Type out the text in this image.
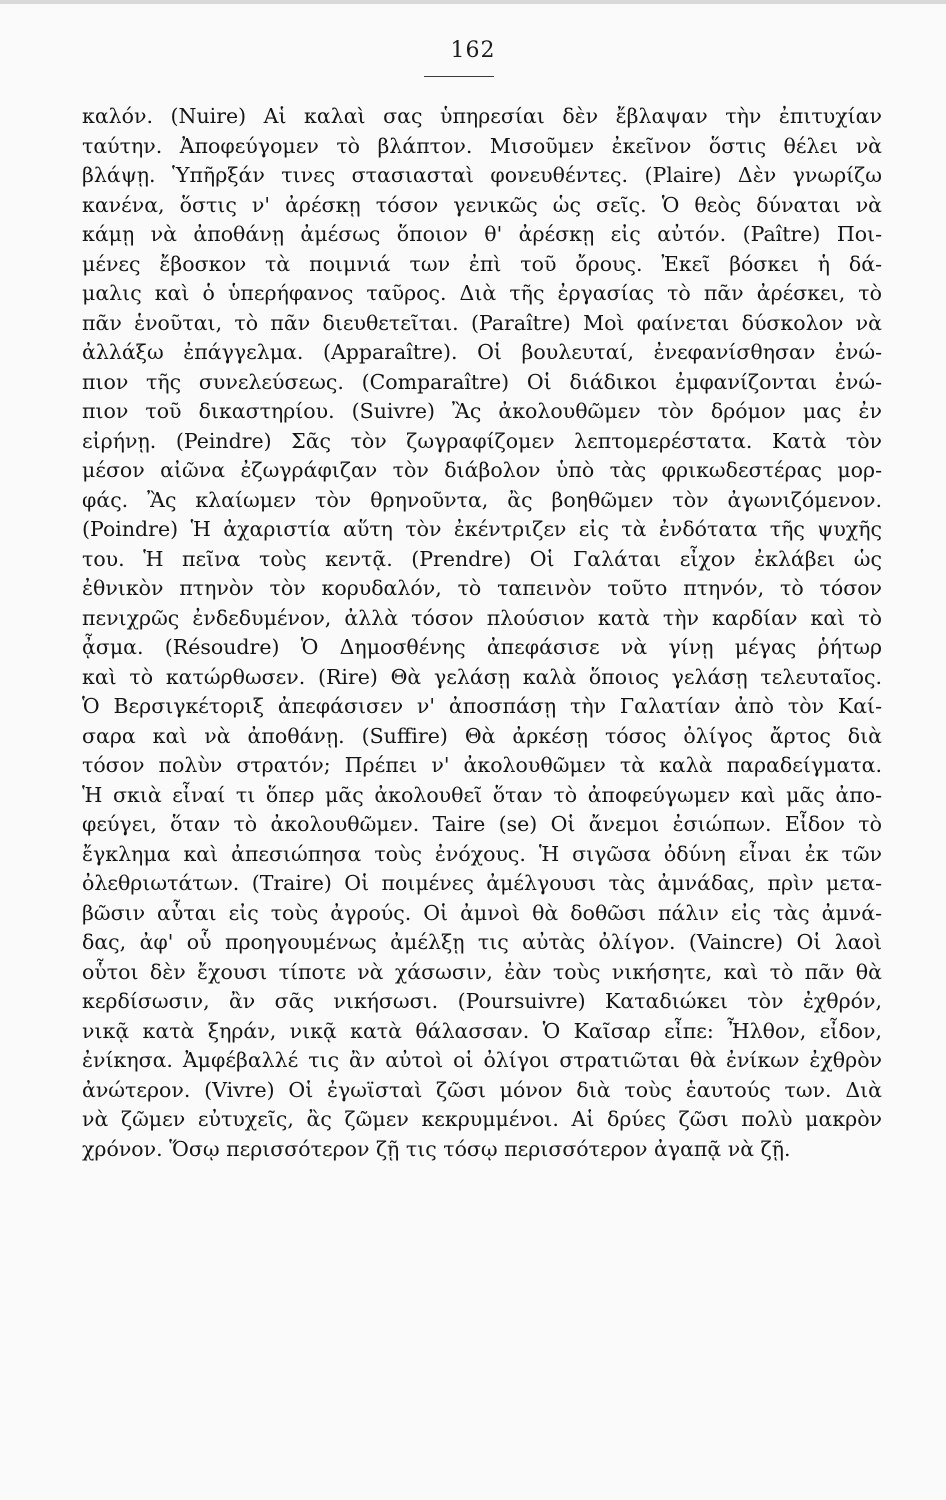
162
καλόν. (Nuire) Αἱ καλαὶ σας ὑπηρεσίαι δὲν ἔβλαψαν τὴν ἐπιτυχίαν
ταύτην. Ἀποφεύγομεν τὸ βλάπτον. Μισοῦμεν ἐκεῖνον ὅστις θέλει νὰ
βλάψῃ. Ὑπῆρξάν τινες στασιασταὶ φονευθέντες. (Plaire) Δὲν γνωρίζω
κανένα, ὅστις ν' ἀρέσκῃ τόσον γενικῶς ὡς σεῖς. Ὁ θεὸς δύναται νὰ
κάμῃ νὰ ἀποθάνῃ ἀμέσως ὅποιον θ' ἀρέσκῃ εἰς αὐτόν. (Paître) Ποι-
μένες ἔβοσκον τὰ ποιμνιά των ἐπὶ τοῦ ὄρους. Ἐκεῖ βόσκει ἡ δά-
μαλις καὶ ὁ ὑπερήφανος ταῦρος. Διὰ τῆς ἐργασίας τὸ πᾶν ἀρέσκει, τὸ
πᾶν ἑνοῦται, τὸ πᾶν διευθετεῖται. (Paraître) Μοὶ φαίνεται δύσκολον νὰ
ἀλλάξω ἐπάγγελμα. (Apparaître). Οἱ βουλευταί, ἐνεφανίσθησαν ἐνώ-
πιον τῆς συνελεύσεως. (Comparaître) Οἱ διάδικοι ἐμφανίζονται ἐνώ-
πιον τοῦ δικαστηρίου. (Suivre) Ἂς ἀκολουθῶμεν τὸν δρόμον μας ἐν
εἰρήνῃ. (Peindre) Σᾶς τὸν ζωγραφίζομεν λεπτομερέστατα. Κατὰ τὸν
μέσον αἰῶνα ἐζωγράφιζαν τὸν διάβολον ὑπὸ τὰς φρικωδεστέρας μορ-
φάς. Ἂς κλαίωμεν τὸν θρηνοῦντα, ἂς βοηθῶμεν τὸν ἀγωνιζόμενον.
(Poindre) Ἡ ἀχαριστία αὕτη τὸν ἐκέντριζεν εἰς τὰ ἐνδότατα τῆς ψυχῆς
του. Ἡ πεῖνα τοὺς κεντᾷ. (Prendre) Οἱ Γαλάται εἶχον ἐκλάβει ὡς
ἐθνικὸν πτηνὸν τὸν κορυδαλόν, τὸ ταπεινὸν τοῦτο πτηνόν, τὸ τόσον
πενιχρῶς ἐνδεδυμένον, ἀλλὰ τόσον πλούσιον κατὰ τὴν καρδίαν καὶ τὸ
ᾆσμα. (Résoudre) Ὁ Δημοσθένης ἀπεφάσισε νὰ γίνῃ μέγας ῥήτωρ
καὶ τὸ κατώρθωσεν. (Rire) Θὰ γελάσῃ καλὰ ὅποιος γελάσῃ τελευταῖος.
Ὁ Βερσιγκέτοριξ ἀπεφάσισεν ν' ἀποσπάσῃ τὴν Γαλατίαν ἀπὸ τὸν Καί-
σαρα καὶ νὰ ἀποθάνῃ. (Suffire) Θὰ ἀρκέσῃ τόσος ὀλίγος ἄρτος διὰ
τόσον πολὺν στρατόν; Πρέπει ν' ἀκολουθῶμεν τὰ καλὰ παραδείγματα.
Ἡ σκιὰ εἶναί τι ὅπερ μᾶς ἀκολουθεῖ ὅταν τὸ ἀποφεύγωμεν καὶ μᾶς ἀπο-
φεύγει, ὅταν τὸ ἀκολουθῶμεν. Taire (se) Οἱ ἄνεμοι ἐσιώπων. Εἶδον τὸ
ἔγκλημα καὶ ἀπεσιώπησα τοὺς ἐνόχους. Ἡ σιγῶσα ὀδύνη εἶναι ἐκ τῶν
ὀλεθριωτάτων. (Traire) Οἱ ποιμένες ἀμέλγουσι τὰς ἀμνάδας, πρὶν μετα-
βῶσιν αὗται εἰς τοὺς ἀγρούς. Οἱ ἀμνοὶ θὰ δοθῶσι πάλιν εἰς τὰς ἀμνά-
δας, ἀφ' οὗ προηγουμένως ἀμέλξῃ τις αὐτὰς ὀλίγον. (Vaincre) Οἱ λαοὶ
οὗτοι δὲν ἔχουσι τίποτε νὰ χάσωσιν, ἐὰν τοὺς νικήσητε, καὶ τὸ πᾶν θὰ
κερδίσωσιν, ἂν σᾶς νικήσωσι. (Poursuivre) Καταδιώκει τὸν ἐχθρόν,
νικᾷ κατὰ ξηράν, νικᾷ κατὰ θάλασσαν. Ὁ Καῖσαρ εἶπε: Ἦλθον, εἶδον,
ἐνίκησα. Ἀμφέβαλλέ τις ἂν αὐτοὶ οἱ ὀλίγοι στρατιῶται θὰ ἐνίκων ἐχθρὸν
ἀνώτερον. (Vivre) Οἱ ἐγωϊσταὶ ζῶσι μόνον διὰ τοὺς ἑαυτούς των. Διὰ
νὰ ζῶμεν εὐτυχεῖς, ἂς ζῶμεν κεκρυμμένοι. Αἱ δρύες ζῶσι πολὺ μακρὸν
χρόνον. Ὅσῳ περισσότερον ζῇ τις τόσῳ περισσότερον ἀγαπᾷ νὰ ζῇ.
